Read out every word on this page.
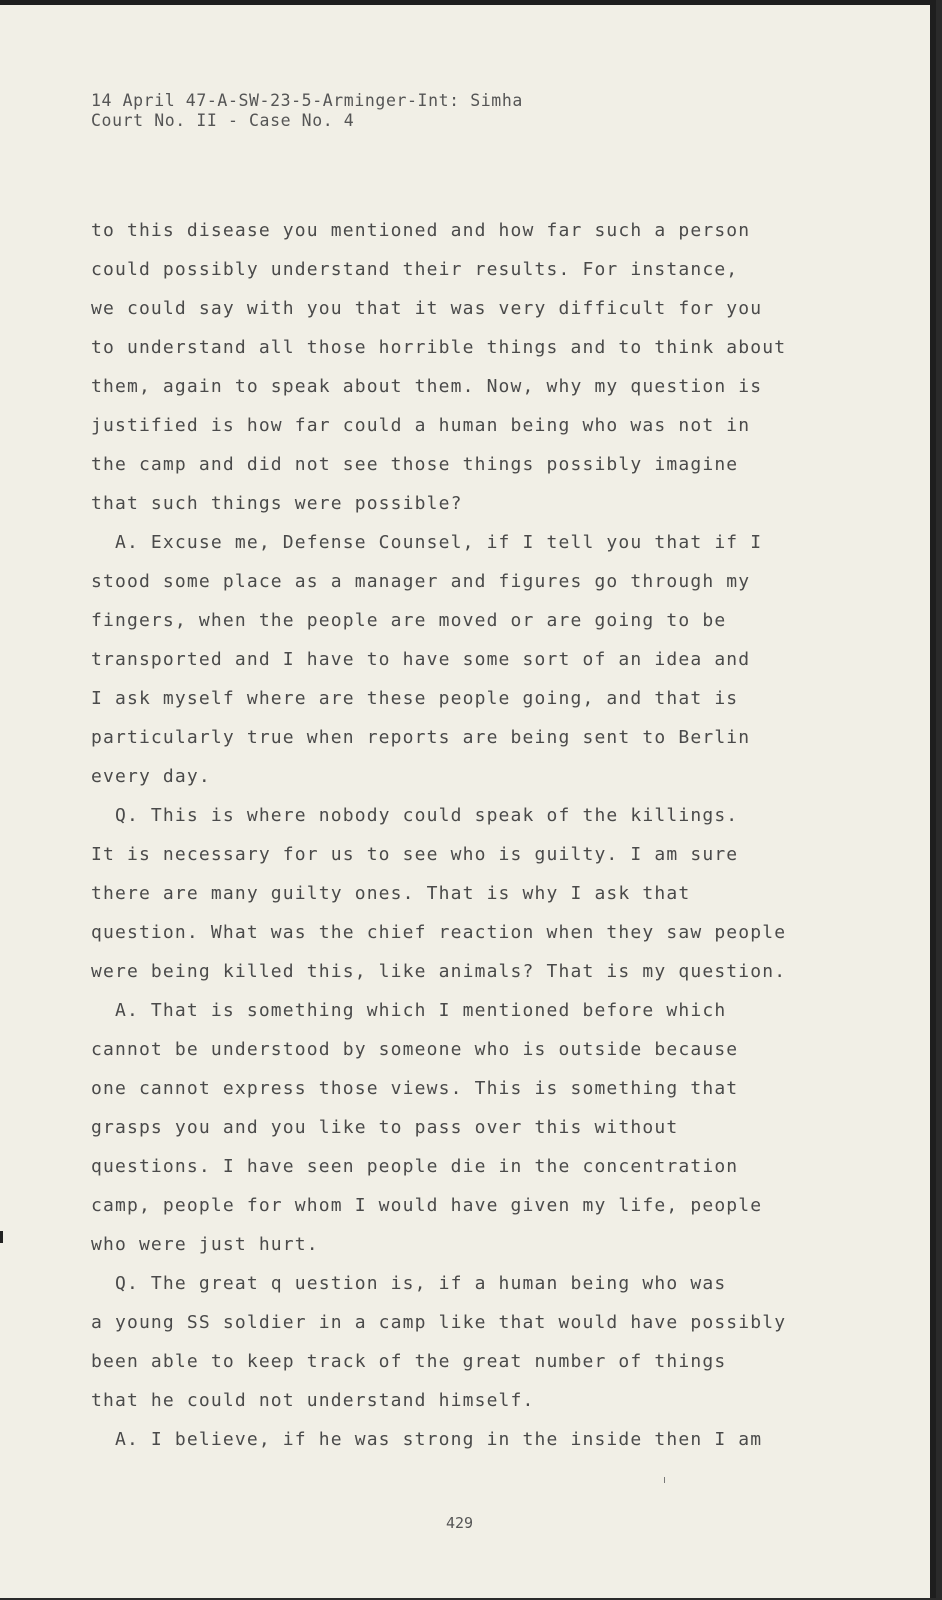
14 April 47-A-SW-23-5-Arminger-Int: Simha
Court No. II - Case No. 4
to this disease you mentioned and how far such a person
could possibly understand their results. For instance,
we could say with you that it was very difficult for you
to understand all those horrible things and to think about
them, again to speak about them. Now, why my question is
justified is how far could a human being who was not in
the camp and did not see those things possibly imagine
that such things were possible?
A. Excuse me, Defense Counsel, if I tell you that if I
stood some place as a manager and figures go through my
fingers, when the people are moved or are going to be
transported and I have to have some sort of an idea and
I ask myself where are these people going, and that is
particularly true when reports are being sent to Berlin
every day.
Q. This is where nobody could speak of the killings.
It is necessary for us to see who is guilty. I am sure
there are many guilty ones. That is why I ask that
question. What was the chief reaction when they saw people
were being killed this, like animals? That is my question.
A. That is something which I mentioned before which
cannot be understood by someone who is outside because
one cannot express those views. This is something that
grasps you and you like to pass over this without
questions. I have seen people die in the concentration
camp, people for whom I would have given my life, people
who were just hurt.
Q. The great q uestion is, if a human being who was
a young SS soldier in a camp like that would have possibly
been able to keep track of the great number of things
that he could not understand himself.
A. I believe, if he was strong in the inside then I am
429
